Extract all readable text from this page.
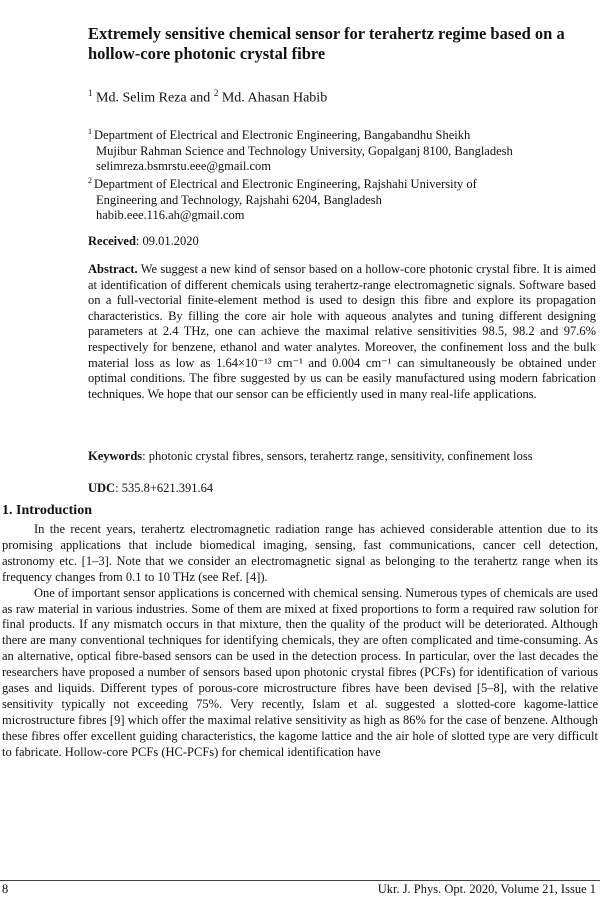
Extremely sensitive chemical sensor for terahertz regime based on a hollow-core photonic crystal fibre
$^1$ Md. Selim Reza and $^2$ Md. Ahasan Habib
$^1$ Department of Electrical and Electronic Engineering, Bangabandhu Sheikh
Mujibur Rahman Science and Technology University, Gopalganj 8100, Bangladesh
selimreza.bsmrstu.eee@gmail.com
$^2$ Department of Electrical and Electronic Engineering, Rajshahi University of
Engineering and Technology, Rajshahi 6204, Bangladesh
habib.eee.116.ah@gmail.com
Received: 09.01.2020
Abstract. We suggest a new kind of sensor based on a hollow-core photonic crystal fibre. It is aimed at identification of different chemicals using terahertz-range electromagnetic signals. Software based on a full-vectorial finite-element method is used to design this fibre and explore its propagation characteristics. By filling the core air hole with aqueous analytes and tuning different designing parameters at 2.4 THz, one can achieve the maximal relative sensitivities 98.5, 98.2 and 97.6% respectively for benzene, ethanol and water analytes. Moreover, the confinement loss and the bulk material loss as low as 1.64×10⁻¹³ cm⁻¹ and 0.004 cm⁻¹ can simultaneously be obtained under optimal conditions. The fibre suggested by us can be easily manufactured using modern fabrication techniques. We hope that our sensor can be efficiently used in many real-life applications.
Keywords: photonic crystal fibres, sensors, terahertz range, sensitivity, confinement loss
UDC: 535.8+621.391.64
1. Introduction

In the recent years, terahertz electromagnetic radiation range has achieved considerable attention due to its promising applications that include biomedical imaging, sensing, fast communications, cancer cell detection, astronomy etc. [1–3]. Note that we consider an electromagnetic signal as belonging to the terahertz range when its frequency changes from 0.1 to 10 THz (see Ref. [4]).

One of important sensor applications is concerned with chemical sensing. Numerous types of chemicals are used as raw material in various industries. Some of them are mixed at fixed proportions to form a required raw solution for final products. If any mismatch occurs in that mixture, then the quality of the product will be deteriorated. Although there are many conventional techniques for identifying chemicals, they are often complicated and time-consuming. As an alternative, optical fibre-based sensors can be used in the detection process. In particular, over the last decades the researchers have proposed a number of sensors based upon photonic crystal fibres (PCFs) for identification of various gases and liquids. Different types of porous-core microstructure fibres have been devised [5–8], with the relative sensitivity typically not exceeding 75%. Very recently, Islam et al. suggested a slotted-core kagome-lattice microstructure fibres [9] which offer the maximal relative sensitivity as high as 86% for the case of benzene. Although these fibres offer excellent guiding characteristics, the kagome lattice and the air hole of slotted type are very difficult to fabricate. Hollow-core PCFs (HC-PCFs) for chemical identification have

8	Ukr. J. Phys. Opt. 2020, Volume 21, Issue 1
